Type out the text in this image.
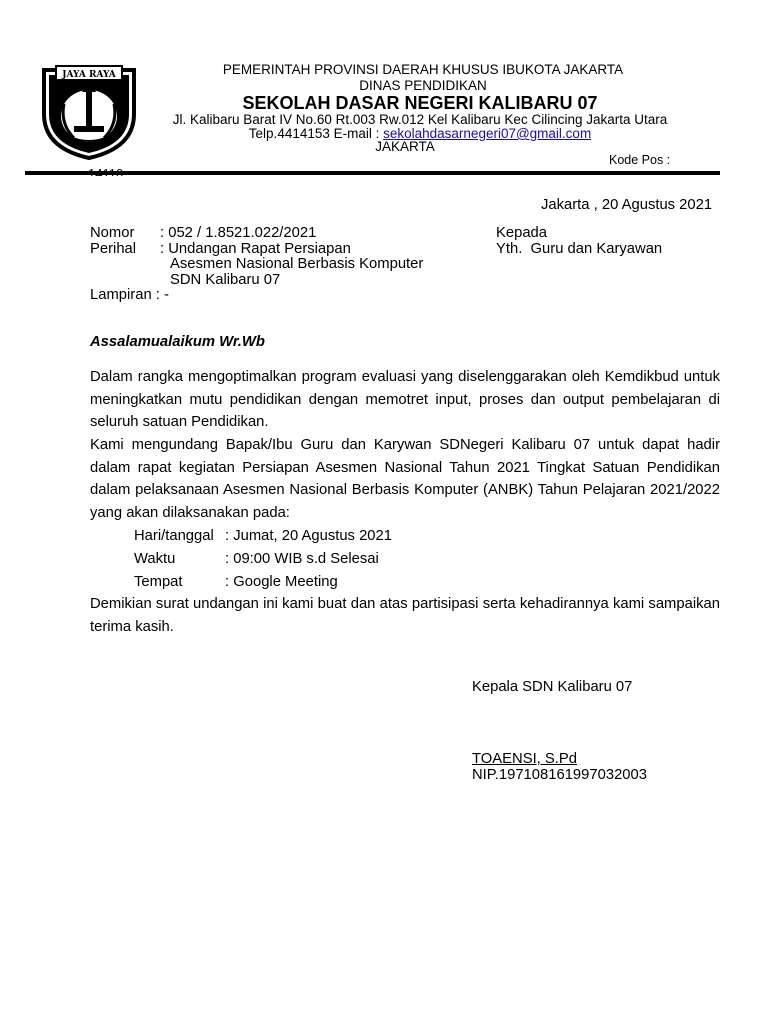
JAYA RAYA	PEMERINTAH PROVINSI DAERAH KHUSUS IBUKOTA JAKARTA
DINAS PENDIDIKAN
SEKOLAH DASAR NEGERI KALIBARU 07
Jl. Kalibaru Barat IV No.60 Rt.003 Rw.012 Kel Kalibaru Kec Cilincing Jakarta Utara
Telp.4414153 E-mail : sekolahdasarnegeri07@gmail.com
JAKARTA
Kode Pos :
Jakarta , 20 Agustus 2021
Nomor : 052 / 1.8521.022/2021
Perihal : Undangan Rapat Persiapan
Asesmen Nasional Berbasis Komputer
SDN Kalibaru 07
Lampiran : -
Kepada
Yth.  Guru dan Karyawan
Assalamualaikum Wr.Wb
Dalam rangka mengoptimalkan program evaluasi yang diselenggarakan oleh Kemdikbud untuk meningkatkan mutu pendidikan dengan memotret input, proses dan output pembelajaran di seluruh satuan Pendidikan.
Kami mengundang Bapak/Ibu Guru dan Karywan SDNegeri Kalibaru 07 untuk dapat hadir dalam rapat kegiatan Persiapan Asesmen Nasional Tahun 2021 Tingkat Satuan Pendidikan dalam pelaksanaan Asesmen Nasional Berbasis Komputer (ANBK) Tahun Pelajaran 2021/2022 yang akan dilaksanakan pada:
Hari/tanggal : Jumat, 20 Agustus 2021
Waktu	: 09:00 WIB s.d Selesai
Tempat	: Google Meeting
Demikian surat undangan ini kami buat dan atas partisipasi serta kehadirannya kami sampaikan terima kasih.
Kepala SDN Kalibaru 07
TOAENSI, S.Pd
NIP.197108161997032003
